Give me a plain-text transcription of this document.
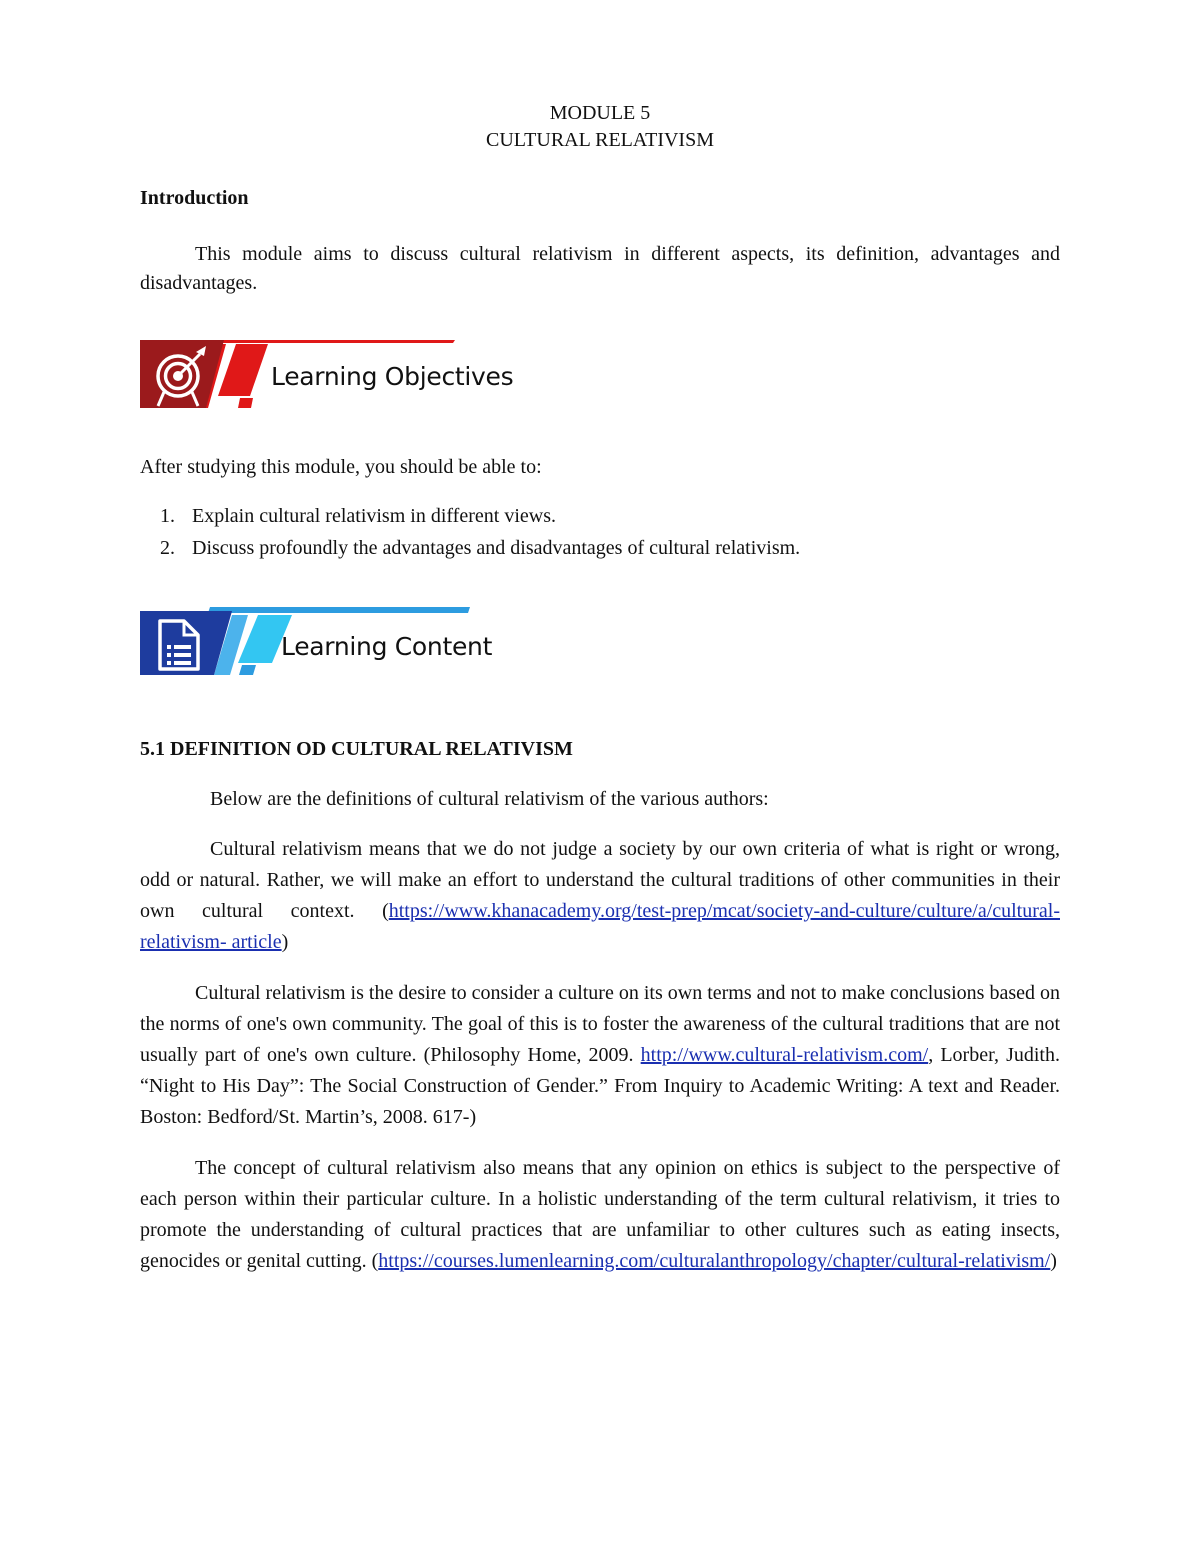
MODULE 5

CULTURAL RELATIVISM

Introduction

This module aims to discuss cultural relativism in different aspects, its definition, advantages and disadvantages.

Learning Objectives

After studying this module, you should be able to:

1. Explain cultural relativism in different views.
2. Discuss profoundly the advantages and disadvantages of cultural relativism.
Learning Content

5.1 DEFINITION OD CULTURAL RELATIVISM

Below are the definitions of cultural relativism of the various authors:

Cultural relativism means that we do not judge a society by our own criteria of what is right or wrong, odd or natural. Rather, we will make an effort to understand the cultural traditions of other communities in their own cultural context. (https://www.khanacademy.org/test-prep/mcat/society-and-culture/culture/a/cultural-relativism- article)

Cultural relativism is the desire to consider a culture on its own terms and not to make conclusions based on the norms of one's own community. The goal of this is to foster the awareness of the cultural traditions that are not usually part of one's own culture. (Philosophy Home, 2009. http://www.cultural-relativism.com/, Lorber, Judith. “Night to His Day”: The Social Construction of Gender.” From Inquiry to Academic Writing: A text and Reader. Boston: Bedford/St. Martin’s, 2008. 617-)

The concept of cultural relativism also means that any opinion on ethics is subject to the perspective of each person within their particular culture. In a holistic understanding of the term cultural relativism, it tries to promote the understanding of cultural practices that are unfamiliar to other cultures such as eating insects, genocides or genital cutting. (https://courses.lumenlearning.com/culturalanthropology/chapter/cultural-relativism/)
